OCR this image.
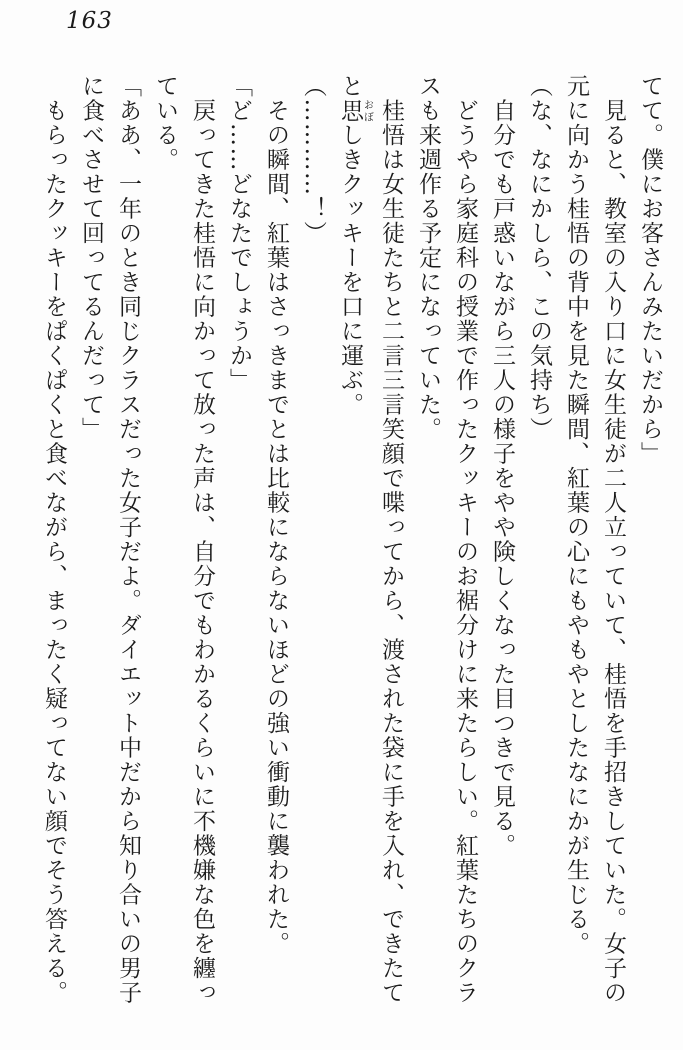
163
てて。僕にお客さんみたいだから」
　見ると、教室の入り口に女生徒が二人立っていて、桂悟を手招きしていた。女子の
元に向かう桂悟の背中を見た瞬間、紅葉の心にもやもやとしたなにかが生じる。
（な、なにかしら、この気持ち）
　自分でも戸惑いながら三人の様子をやや険しくなった目つきで見る。
　どうやら家庭科の授業で作ったクッキーのお裾分けに来たらしい。紅葉たちのクラ
スも来週作る予定になっていた。
　桂悟は女生徒たちと二言三言笑顔で喋ってから、渡された袋に手を入れ、できたて
と思おぼしきクッキーを口に運ぶ。
（…………！）
　その瞬間、紅葉はさっきまでとは比較にならないほどの強い衝動に襲われた。
「ど……どなたでしょうか」
　戻ってきた桂悟に向かって放った声は、自分でもわかるくらいに不機嫌な色を纏っ
ている。
「ああ、一年のとき同じクラスだった女子だよ。ダイエット中だから知り合いの男子
に食べさせて回ってるんだって」
　もらったクッキーをぱくぱくと食べながら、まったく疑ってない顔でそう答える。
